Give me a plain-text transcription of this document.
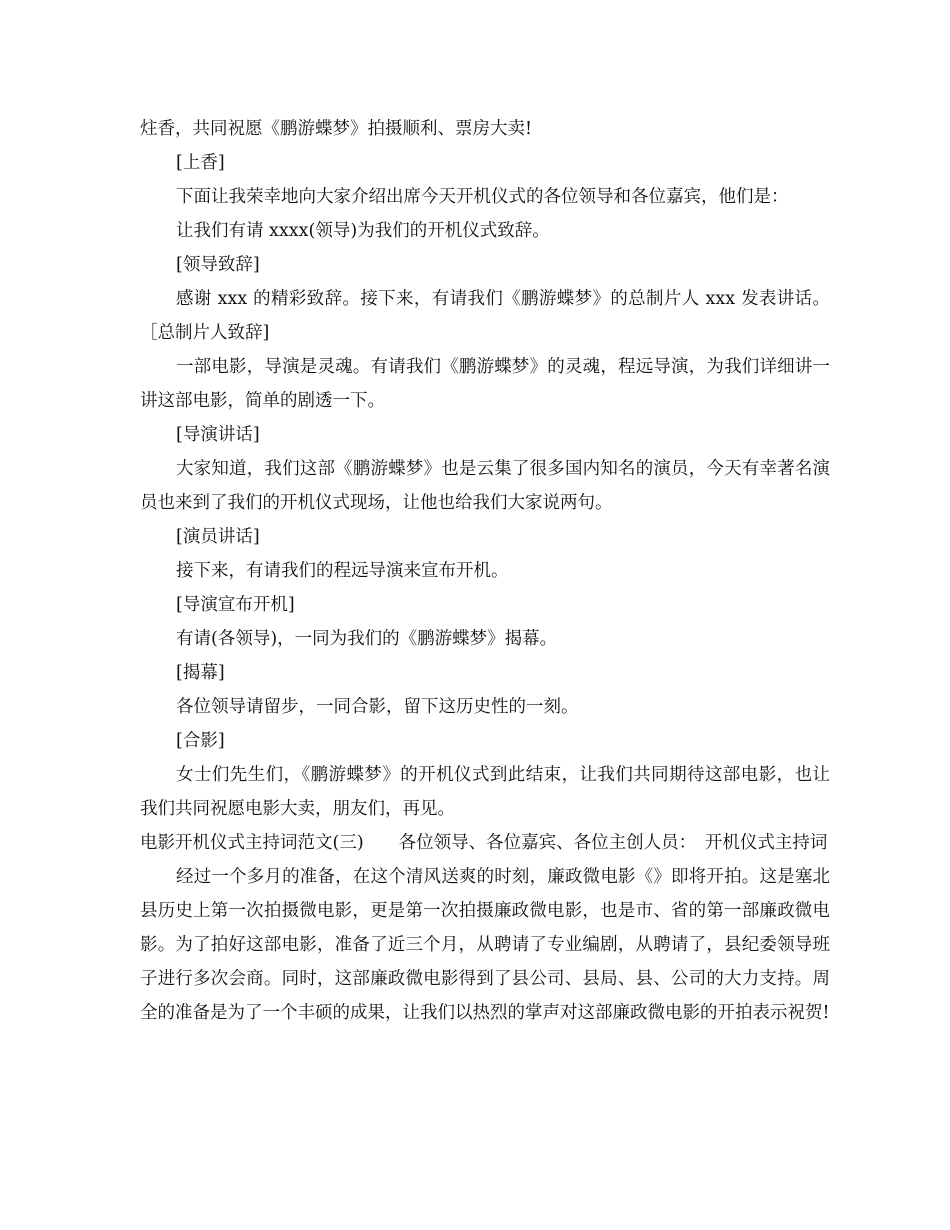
炷香，共同祝愿《鹏游蝶梦》拍摄顺利、票房大卖!

[上香]

下面让我荣幸地向大家介绍出席今天开机仪式的各位领导和各位嘉宾，他们是：

让我们有请 xxxx(领导)为我们的开机仪式致辞。

[领导致辞]

感谢 xxx 的精彩致辞。接下来，有请我们《鹏游蝶梦》的总制片人 xxx 发表讲话。［总制片人致辞]

一部电影，导演是灵魂。有请我们《鹏游蝶梦》的灵魂，程远导演，为我们详细讲一讲这部电影，简单的剧透一下。

[导演讲话]

大家知道，我们这部《鹏游蝶梦》也是云集了很多国内知名的演员，今天有幸著名演员也来到了我们的开机仪式现场，让他也给我们大家说两句。

[演员讲话]

接下来，有请我们的程远导演来宣布开机。

[导演宣布开机]

有请(各领导)，一同为我们的《鹏游蝶梦》揭幕。

[揭幕]

各位领导请留步，一同合影，留下这历史性的一刻。

[合影]

女士们先生们，《鹏游蝶梦》的开机仪式到此结束，让我们共同期待这部电影，也让我们共同祝愿电影大卖，朋友们，再见。

电影开机仪式主持词范文(三)　　各位领导、各位嘉宾、各位主创人员：　开机仪式主持词

经过一个多月的准备，在这个清风送爽的时刻，廉政微电影《》即将开拍。这是塞北县历史上第一次拍摄微电影，更是第一次拍摄廉政微电影，也是市、省的第一部廉政微电影。为了拍好这部电影，准备了近三个月，从聘请了专业编剧，从聘请了，县纪委领导班子进行多次会商。同时，这部廉政微电影得到了县公司、县局、县、公司的大力支持。周全的准备是为了一个丰硕的成果，让我们以热烈的掌声对这部廉政微电影的开拍表示祝贺!
